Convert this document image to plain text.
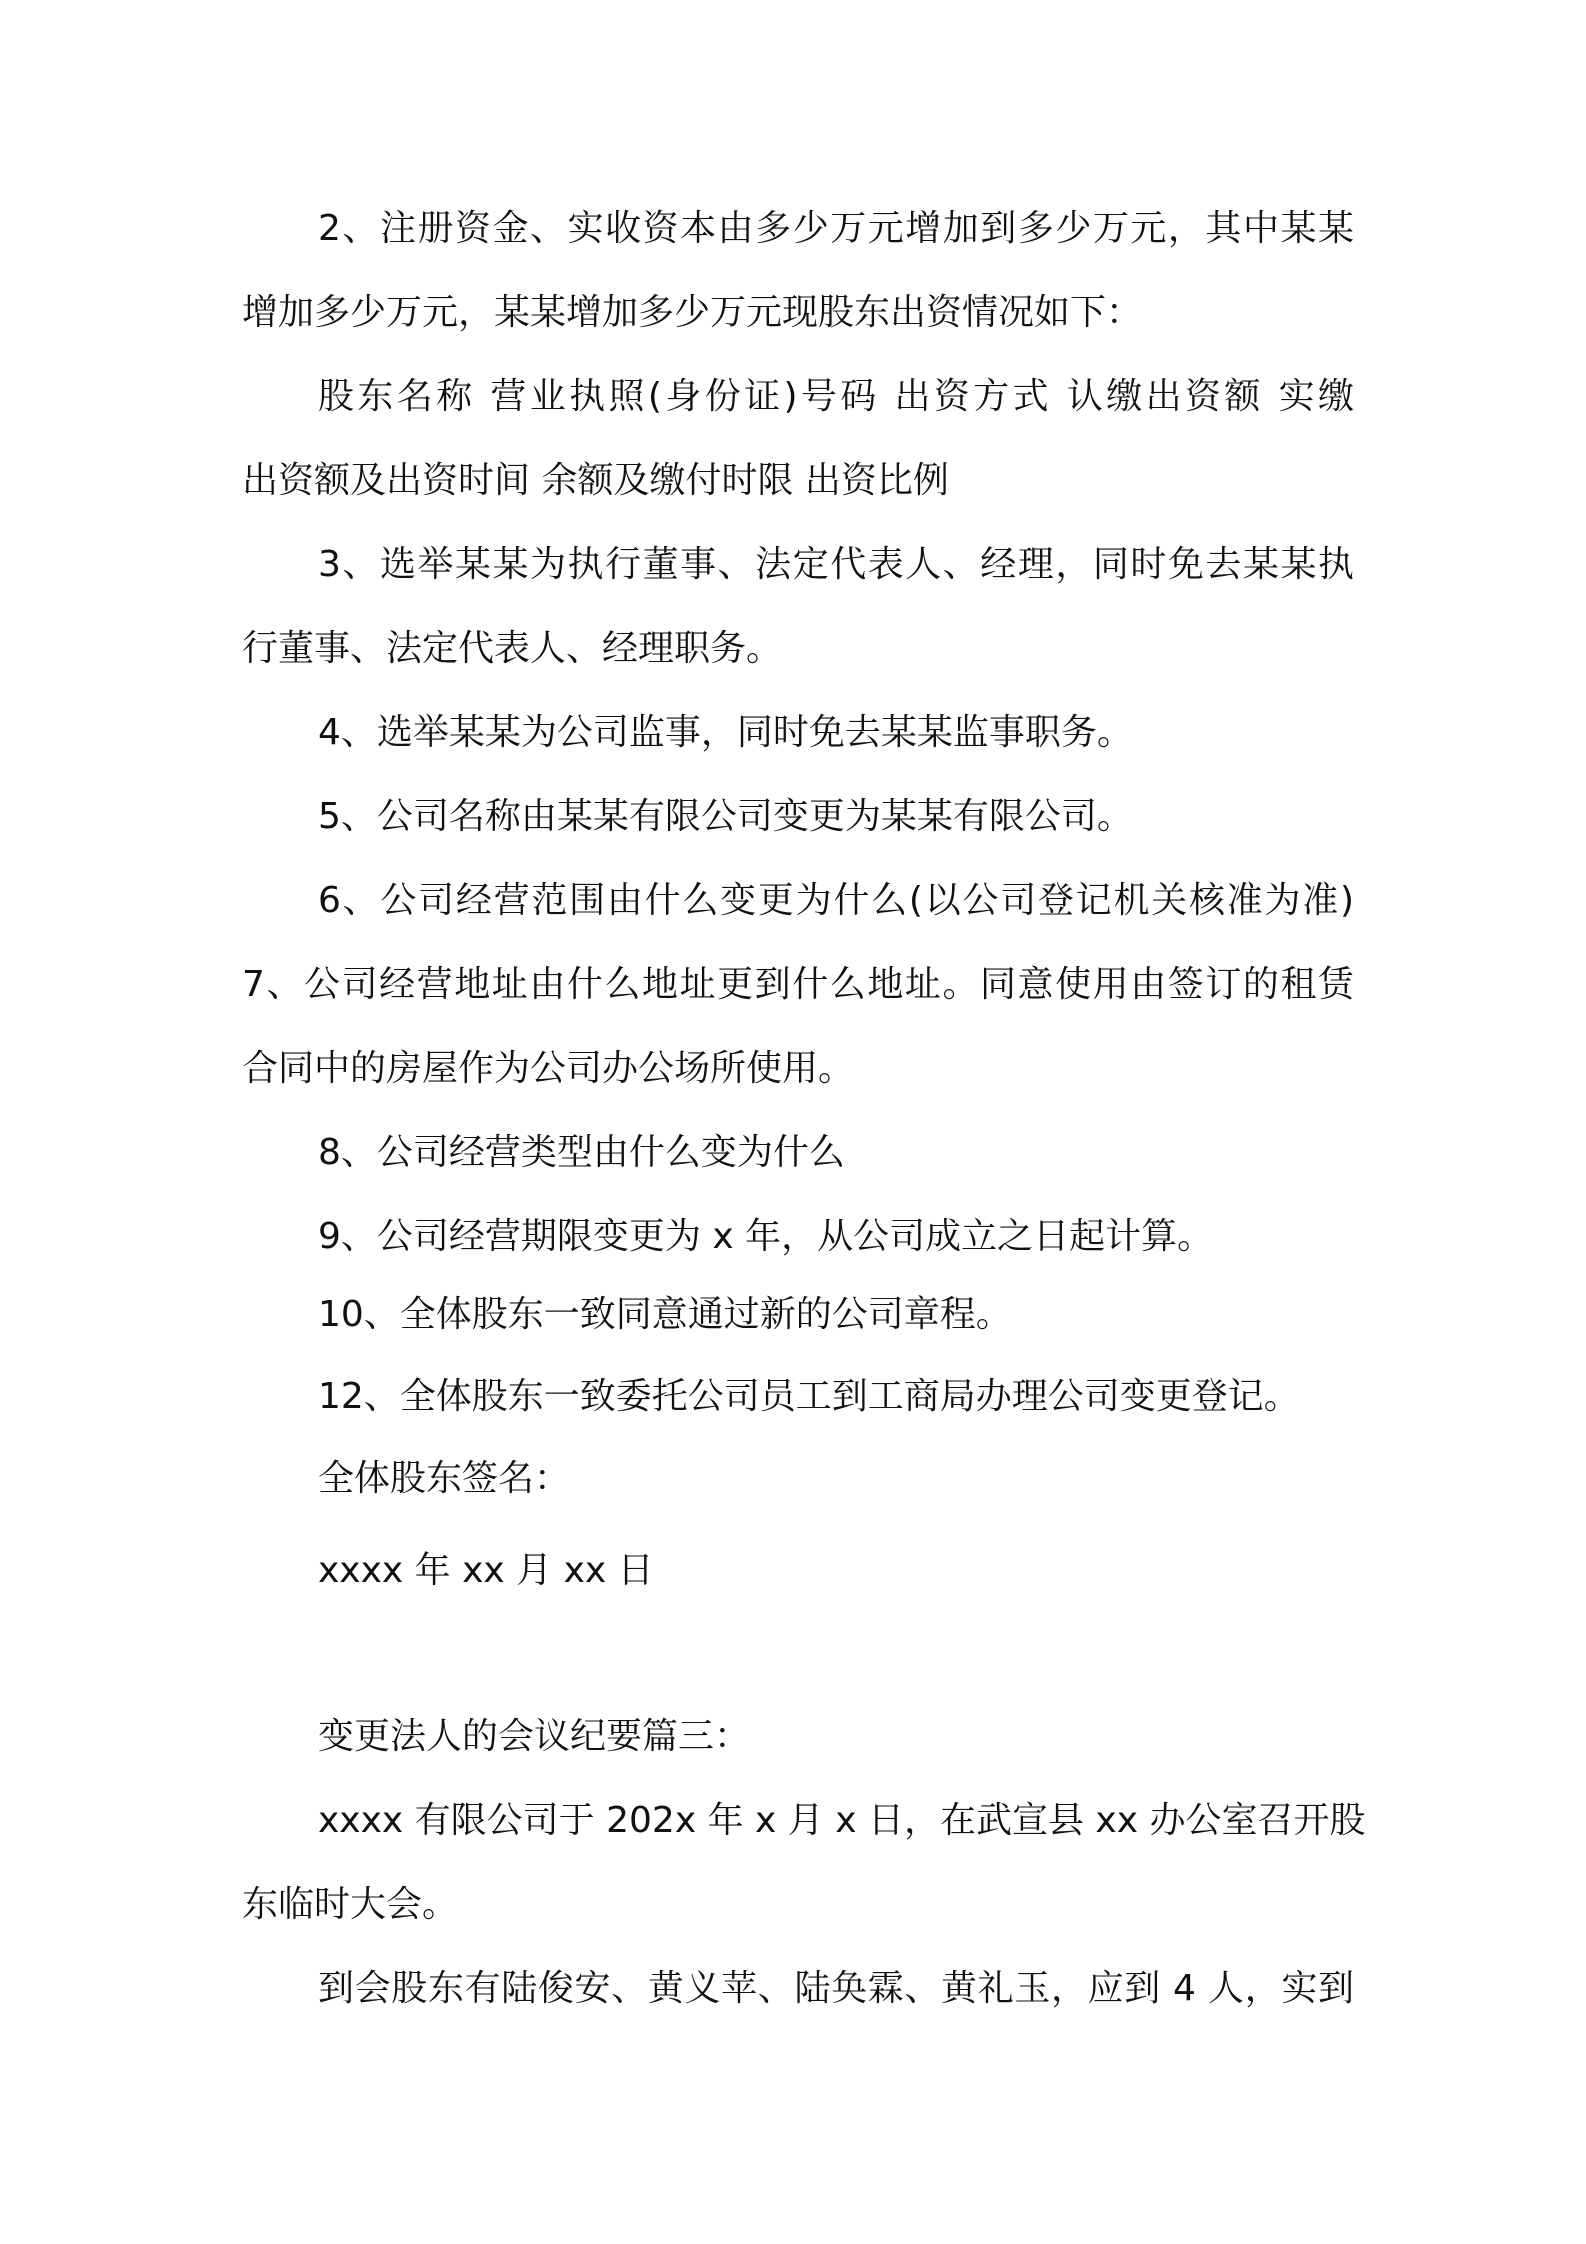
2、注册资金、实收资本由多少万元增加到多少万元，其中某某
增加多少万元，某某增加多少万元现股东出资情况如下：
股东名称 营业执照(身份证)号码 出资方式 认缴出资额 实缴
出资额及出资时间 余额及缴付时限 出资比例
3、选举某某为执行董事、法定代表人、经理，同时免去某某执
行董事、法定代表人、经理职务。
4、选举某某为公司监事，同时免去某某监事职务。
5、公司名称由某某有限公司变更为某某有限公司。
6、公司经营范围由什么变更为什么(以公司登记机关核准为准)
7、公司经营地址由什么地址更到什么地址。同意使用由签订的租赁
合同中的房屋作为公司办公场所使用。
8、公司经营类型由什么变为什么
9、公司经营期限变更为 x 年，从公司成立之日起计算。
10、全体股东一致同意通过新的公司章程。
12、全体股东一致委托公司员工到工商局办理公司变更登记。
全体股东签名：
xxxx 年 xx 月 xx 日
变更法人的会议纪要篇三：
xxxx 有限公司于 202x 年 x 月 x 日，在武宣县 xx 办公室召开股
东临时大会。
到会股东有陆俊安、黄义苹、陆奂霖、黄礼玉，应到 4 人，实到
